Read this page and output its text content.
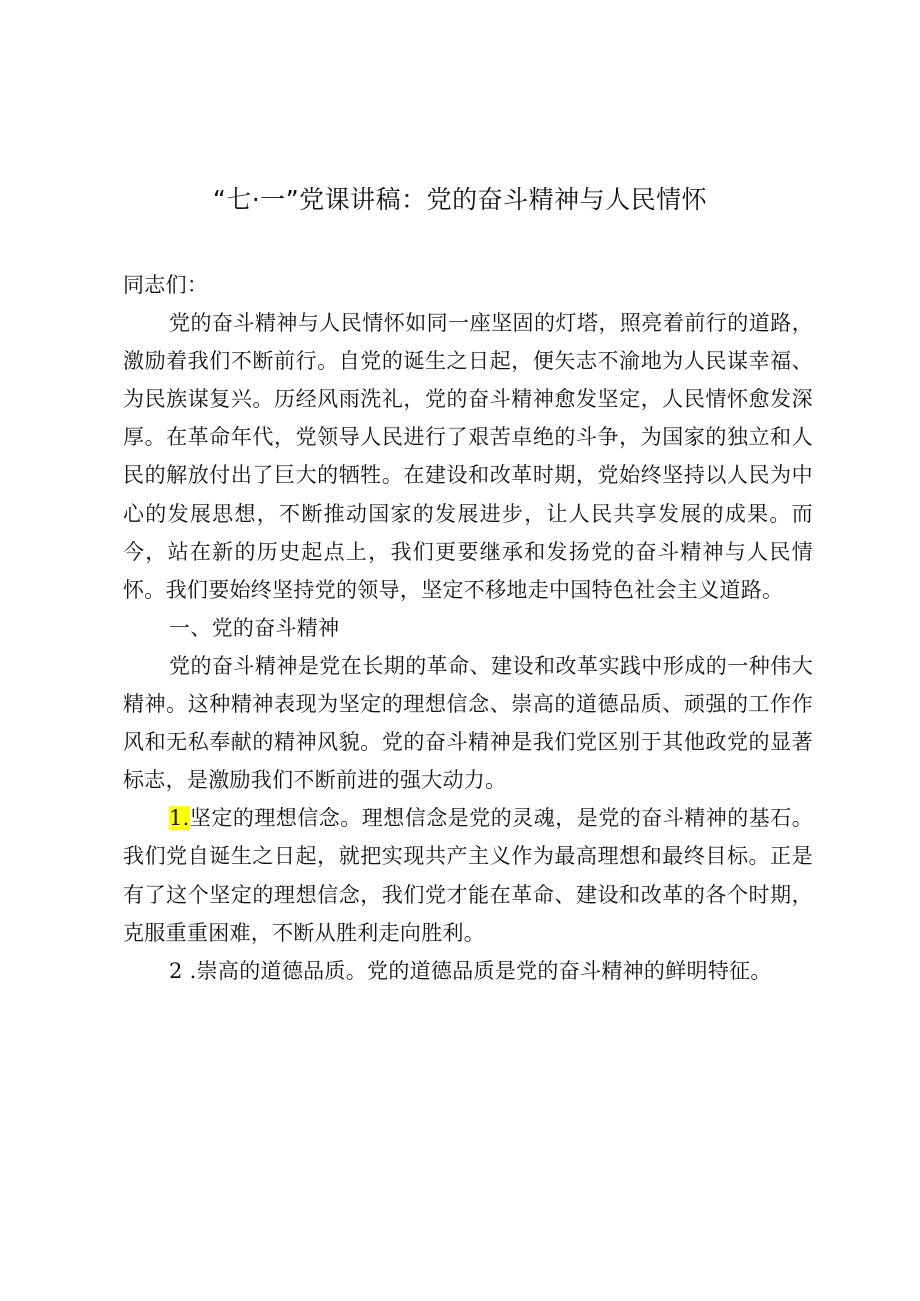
“七·一”党课讲稿：党的奋斗精神与人民情怀

同志们：

党的奋斗精神与人民情怀如同一座坚固的灯塔，照亮着前行的道路，激励着我们不断前行。自党的诞生之日起，便矢志不渝地为人民谋幸福、为民族谋复兴。历经风雨洗礼，党的奋斗精神愈发坚定，人民情怀愈发深厚。在革命年代，党领导人民进行了艰苦卓绝的斗争，为国家的独立和人民的解放付出了巨大的牺牲。在建设和改革时期，党始终坚持以人民为中心的发展思想，不断推动国家的发展进步，让人民共享发展的成果。而今，站在新的历史起点上，我们更要继承和发扬党的奋斗精神与人民情怀。我们要始终坚持党的领导，坚定不移地走中国特色社会主义道路。

一、党的奋斗精神

党的奋斗精神是党在长期的革命、建设和改革实践中形成的一种伟大精神。这种精神表现为坚定的理想信念、崇高的道德品质、顽强的工作作风和无私奉献的精神风貌。党的奋斗精神是我们党区别于其他政党的显著标志，是激励我们不断前进的强大动力。

1.坚定的理想信念。理想信念是党的灵魂，是党的奋斗精神的基石。我们党自诞生之日起，就把实现共产主义作为最高理想和最终目标。正是有了这个坚定的理想信念，我们党才能在革命、建设和改革的各个时期，克服重重困难，不断从胜利走向胜利。

2 .崇高的道德品质。党的道德品质是党的奋斗精神的鲜明特征。
